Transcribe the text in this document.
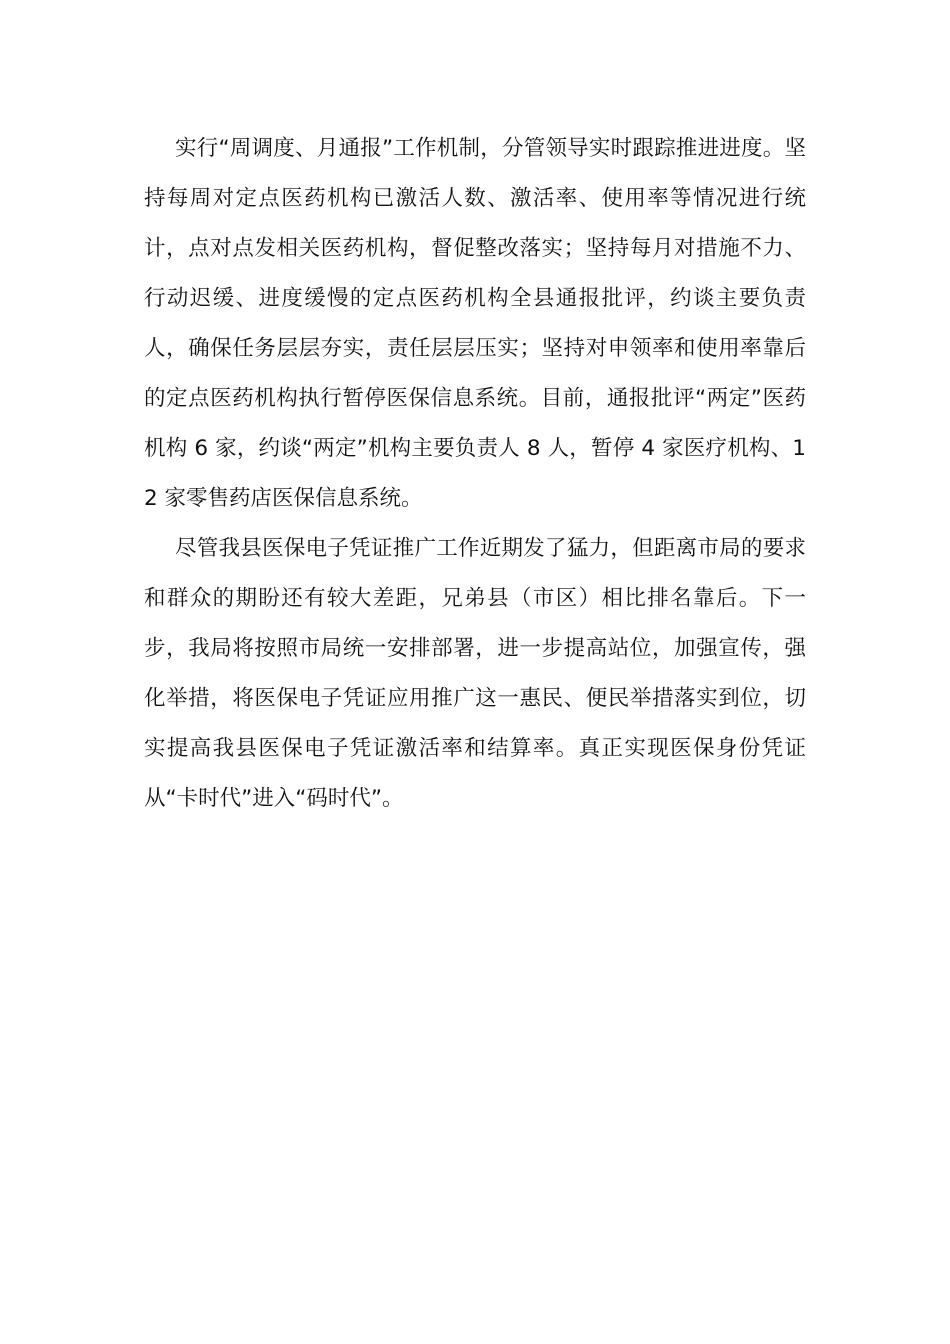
实行“周调度、月通报”工作机制，分管领导实时跟踪推进进度。坚持每周对定点医药机构已激活人数、激活率、使用率等情况进行统计，点对点发相关医药机构，督促整改落实；坚持每月对措施不力、行动迟缓、进度缓慢的定点医药机构全县通报批评，约谈主要负责人，确保任务层层夯实，责任层层压实；坚持对申领率和使用率靠后的定点医药机构执行暂停医保信息系统。目前，通报批评“两定”医药机构 6 家，约谈“两定”机构主要负责人 8 人，暂停 4 家医疗机构、12 家零售药店医保信息系统。

尽管我县医保电子凭证推广工作近期发了猛力，但距离市局的要求和群众的期盼还有较大差距，兄弟县（市区）相比排名靠后。下一步，我局将按照市局统一安排部署，进一步提高站位，加强宣传，强化举措，将医保电子凭证应用推广这一惠民、便民举措落实到位，切实提高我县医保电子凭证激活率和结算率。真正实现医保身份凭证从“卡时代”进入“码时代”。
